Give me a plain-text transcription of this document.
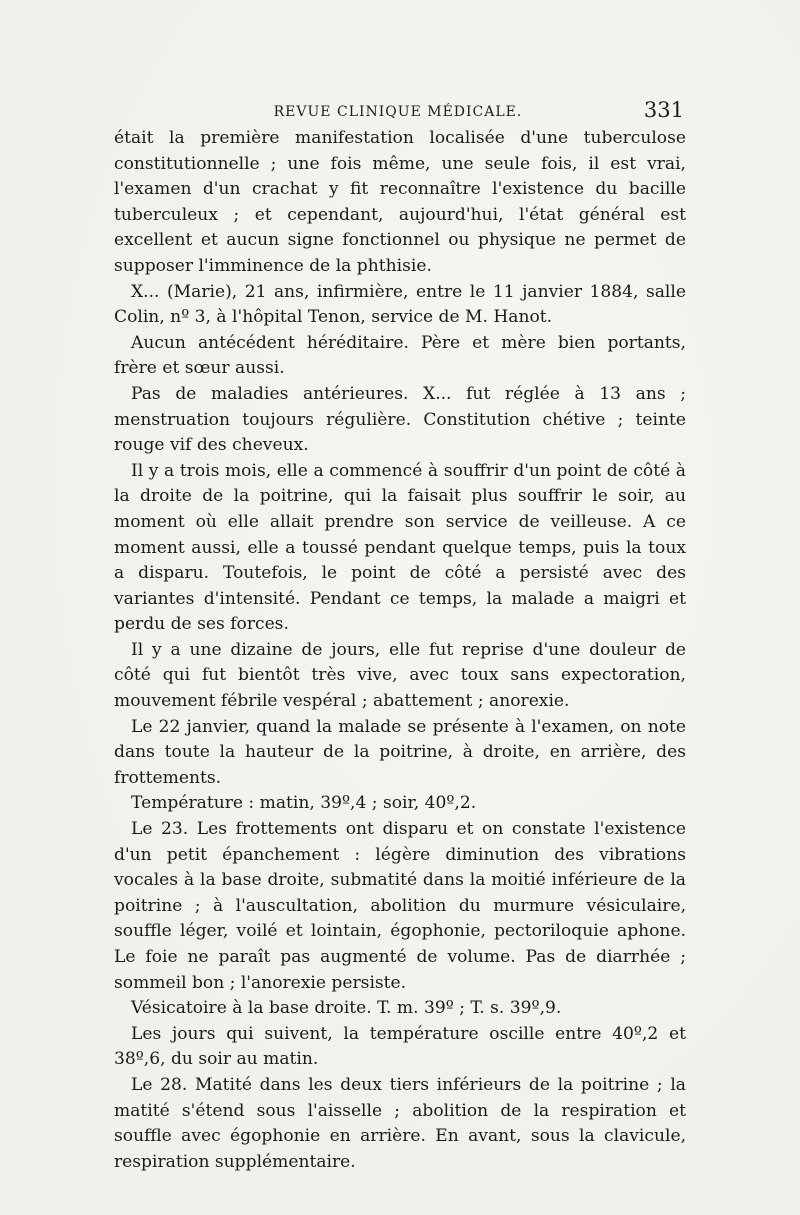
REVUE CLINIQUE MÉDICALE.	331

était la première manifestation localisée d'une tuberculose constitutionnelle ; une fois même, une seule fois, il est vrai, l'examen d'un crachat y fit reconnaître l'existence du bacille tuberculeux ; et cependant, aujourd'hui, l'état général est excellent et aucun signe fonctionnel ou physique ne permet de supposer l'imminence de la phthisie.

X... (Marie), 21 ans, infirmière, entre le 11 janvier 1884, salle Colin, nº 3, à l'hôpital Tenon, service de M. Hanot.

Aucun antécédent héréditaire. Père et mère bien portants, frère et sœur aussi.

Pas de maladies antérieures. X... fut réglée à 13 ans ; menstruation toujours régulière. Constitution chétive ; teinte rouge vif des cheveux.

Il y a trois mois, elle a commencé à souffrir d'un point de côté à la droite de la poitrine, qui la faisait plus souffrir le soir, au moment où elle allait prendre son service de veilleuse. A ce moment aussi, elle a toussé pendant quelque temps, puis la toux a disparu. Toutefois, le point de côté a persisté avec des variantes d'intensité. Pendant ce temps, la malade a maigri et perdu de ses forces.

Il y a une dizaine de jours, elle fut reprise d'une douleur de côté qui fut bientôt très vive, avec toux sans expectoration, mouvement fébrile vespéral ; abattement ; anorexie.

Le 22 janvier, quand la malade se présente à l'examen, on note dans toute la hauteur de la poitrine, à droite, en arrière, des frottements.

Température : matin, 39º,4 ; soir, 40º,2.

Le 23. Les frottements ont disparu et on constate l'existence d'un petit épanchement : légère diminution des vibrations vocales à la base droite, submatité dans la moitié inférieure de la poitrine ; à l'auscultation, abolition du murmure vésiculaire, souffle léger, voilé et lointain, égophonie, pectoriloquie aphone. Le foie ne paraît pas augmenté de volume. Pas de diarrhée ; sommeil bon ; l'anorexie persiste.

Vésicatoire à la base droite. T. m. 39º ; T. s. 39º,9.

Les jours qui suivent, la température oscille entre 40º,2 et 38º,6, du soir au matin.

Le 28. Matité dans les deux tiers inférieurs de la poitrine ; la matité s'étend sous l'aisselle ; abolition de la respiration et souffle avec égophonie en arrière. En avant, sous la clavicule, respiration supplémentaire.
